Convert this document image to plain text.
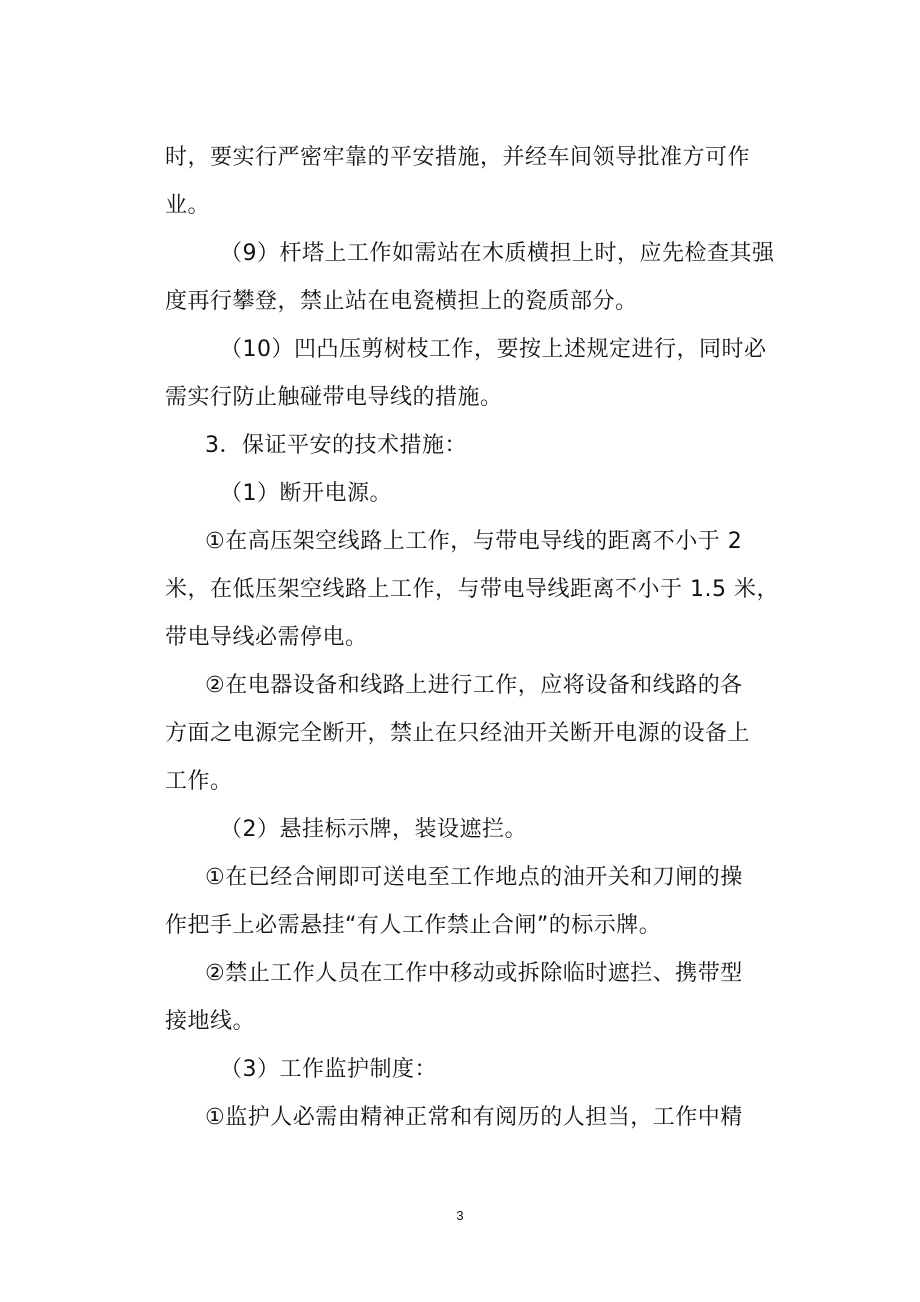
时，要实行严密牢靠的平安措施，并经车间领导批准方可作
业。
（9）杆塔上工作如需站在木质横担上时，应先检查其强
度再行攀登，禁止站在电瓷横担上的瓷质部分。
（10）凹凸压剪树枝工作，要按上述规定进行，同时必
需实行防止触碰带电导线的措施。
3．保证平安的技术措施：
（1）断开电源。
①在高压架空线路上工作，与带电导线的距离不小于 2
米，在低压架空线路上工作，与带电导线距离不小于 1.5 米，
带电导线必需停电。
②在电器设备和线路上进行工作，应将设备和线路的各
方面之电源完全断开，禁止在只经油开关断开电源的设备上
工作。
（2）悬挂标示牌，装设遮拦。
①在已经合闸即可送电至工作地点的油开关和刀闸的操
作把手上必需悬挂“有人工作禁止合闸”的标示牌。
②禁止工作人员在工作中移动或拆除临时遮拦、携带型
接地线。
（3）工作监护制度：
①监护人必需由精神正常和有阅历的人担当，工作中精
3
